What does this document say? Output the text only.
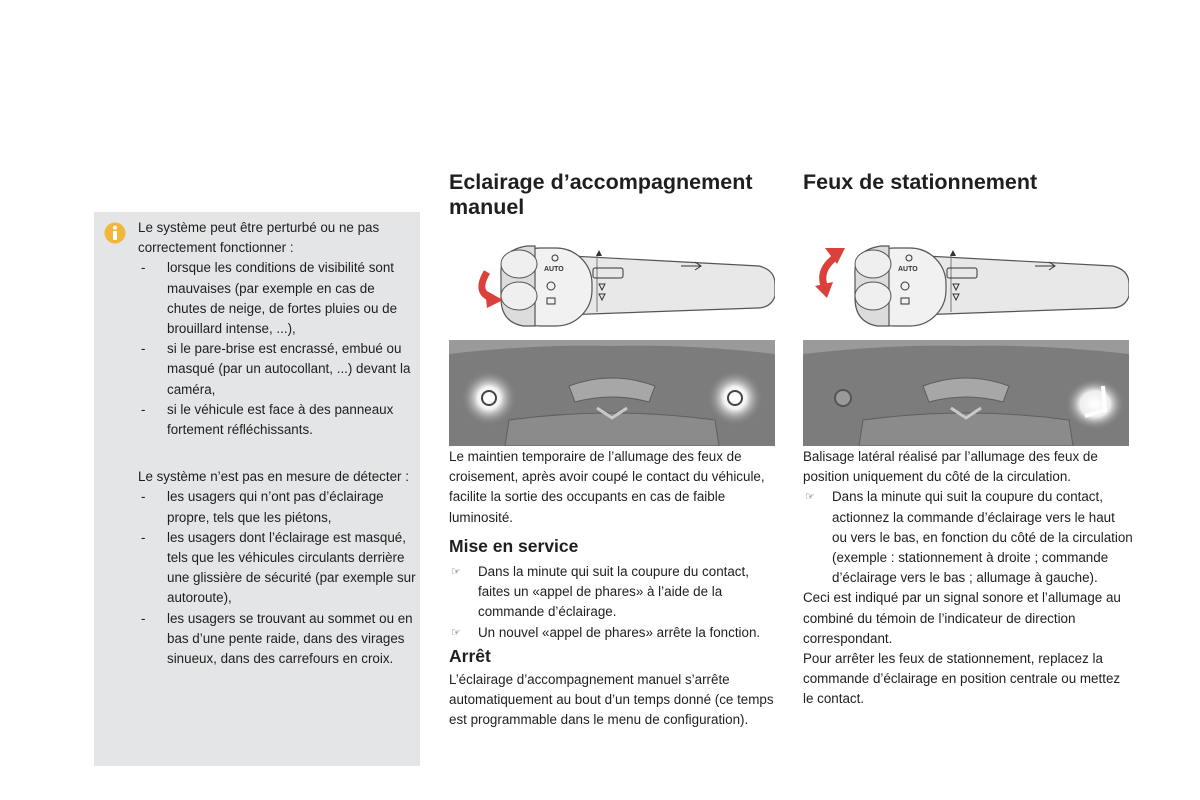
Le système peut être perturbé ou ne pas correctement fonctionner :

- lorsque les conditions de visibilité sont mauvaises (par exemple en cas de chutes de neige, de fortes pluies ou de brouillard intense, ...),
- si le pare-brise est encrassé, embué ou masqué (par un autocollant, ...) devant la caméra,
- si le véhicule est face à des panneaux fortement réfléchissants.

Le système n’est pas en mesure de détecter :

- les usagers qui n’ont pas d’éclairage propre, tels que les piétons,
- les usagers dont l’éclairage est masqué, tels que les véhicules circulants derrière une glissière de sécurité (par exemple sur autoroute),
- les usagers se trouvant au sommet ou en bas d’une pente raide, dans des virages sinueux, dans des carrefours en croix.
Eclairage d’accompagnement manuel
AUTO

Le maintien temporaire de l’allumage des feux de croisement, après avoir coupé le contact du véhicule, facilite la sortie des occupants en cas de faible luminosité.

Mise en service
☞ Dans la minute qui suit la coupure du contact, faites un «appel de phares» à l’aide de la commande d’éclairage.
☞ Un nouvel «appel de phares» arrête la fonction.
Arrêt

L’éclairage d’accompagnement manuel s’arrête automatiquement au bout d’un temps donné (ce temps est programmable dans le menu de configuration).

Feux de stationnement
AUTO

Balisage latéral réalisé par l’allumage des feux de position uniquement du côté de la circulation.

☞ Dans la minute qui suit la coupure du contact, actionnez la commande d’éclairage vers le haut ou vers le bas, en fonction du côté de la circulation (exemple : stationnement à droite ; commande d’éclairage vers le bas ; allumage à gauche).

Ceci est indiqué par un signal sonore et l’allumage au combiné du témoin de l’indicateur de direction correspondant.

Pour arrêter les feux de stationnement, replacez la commande d’éclairage en position centrale ou mettez le contact.
